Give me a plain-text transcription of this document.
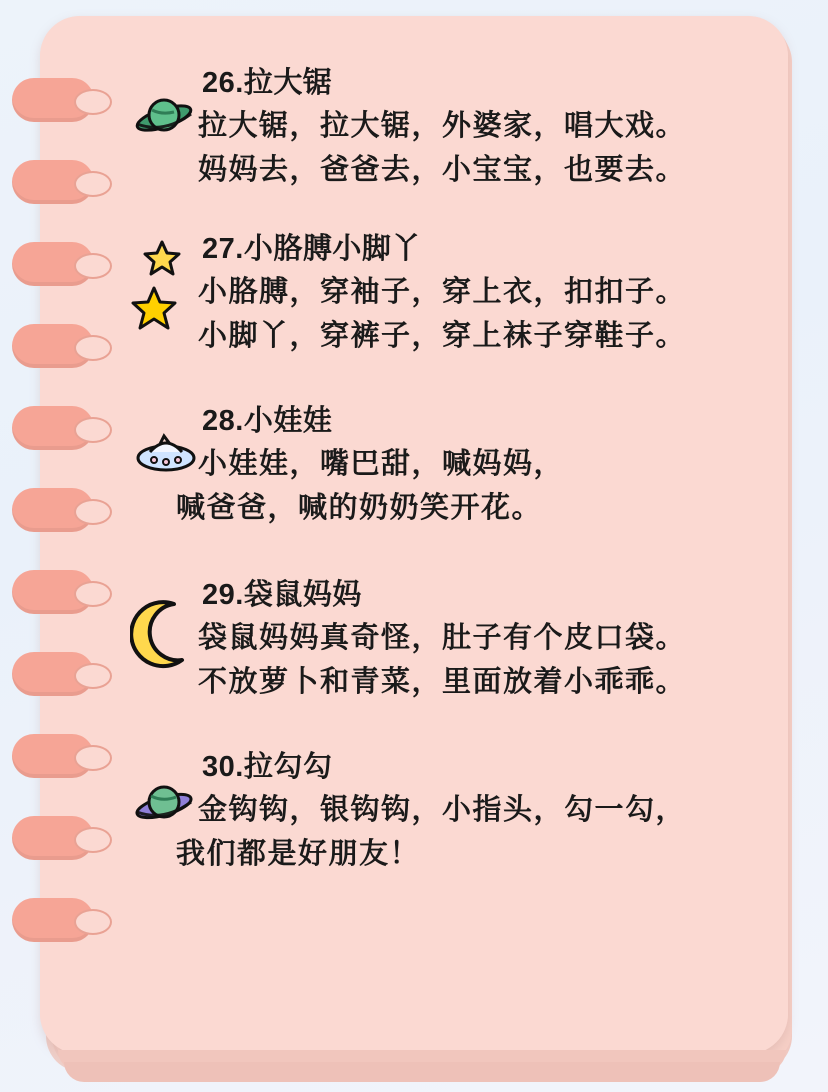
26.拉大锯

拉大锯，拉大锯，外婆家，唱大戏。

妈妈去，爸爸去，小宝宝，也要去。

27.小胳膊小脚丫

小胳膊，穿袖子，穿上衣，扣扣子。

小脚丫，穿裤子，穿上袜子穿鞋子。

28.小娃娃

小娃娃，嘴巴甜，喊妈妈，

喊爸爸，喊的奶奶笑开花。

29.袋鼠妈妈

袋鼠妈妈真奇怪，肚子有个皮口袋。

不放萝卜和青菜，里面放着小乖乖。

30.拉勾勾

金钩钩，银钩钩，小指头，勾一勾，

我们都是好朋友！
